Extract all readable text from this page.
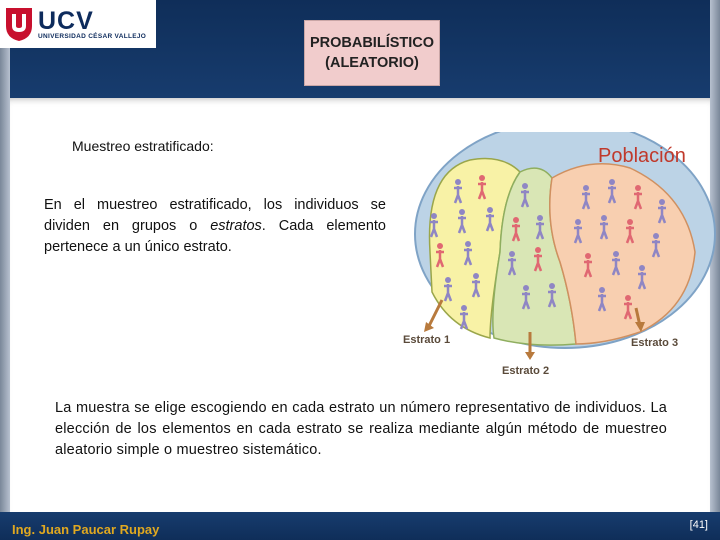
UCV
UNIVERSIDAD CÉSAR VALLEJO	PROBABILÍSTICO
(ALEATORIO)
Muestreo estratificado:
En el muestreo estratificado, los individuos se dividen en grupos o estratos. Cada elemento pertenece a un único estrato.
Población
Estrato 1
Estrato 2
Estrato 3
La muestra se elige escogiendo en cada estrato un número representativo de individuos. La elección de los elementos en cada estrato se realiza mediante algún método de muestreo aleatorio simple o muestreo sistemático.
Ing. Juan Paucar Rupay	[41]
